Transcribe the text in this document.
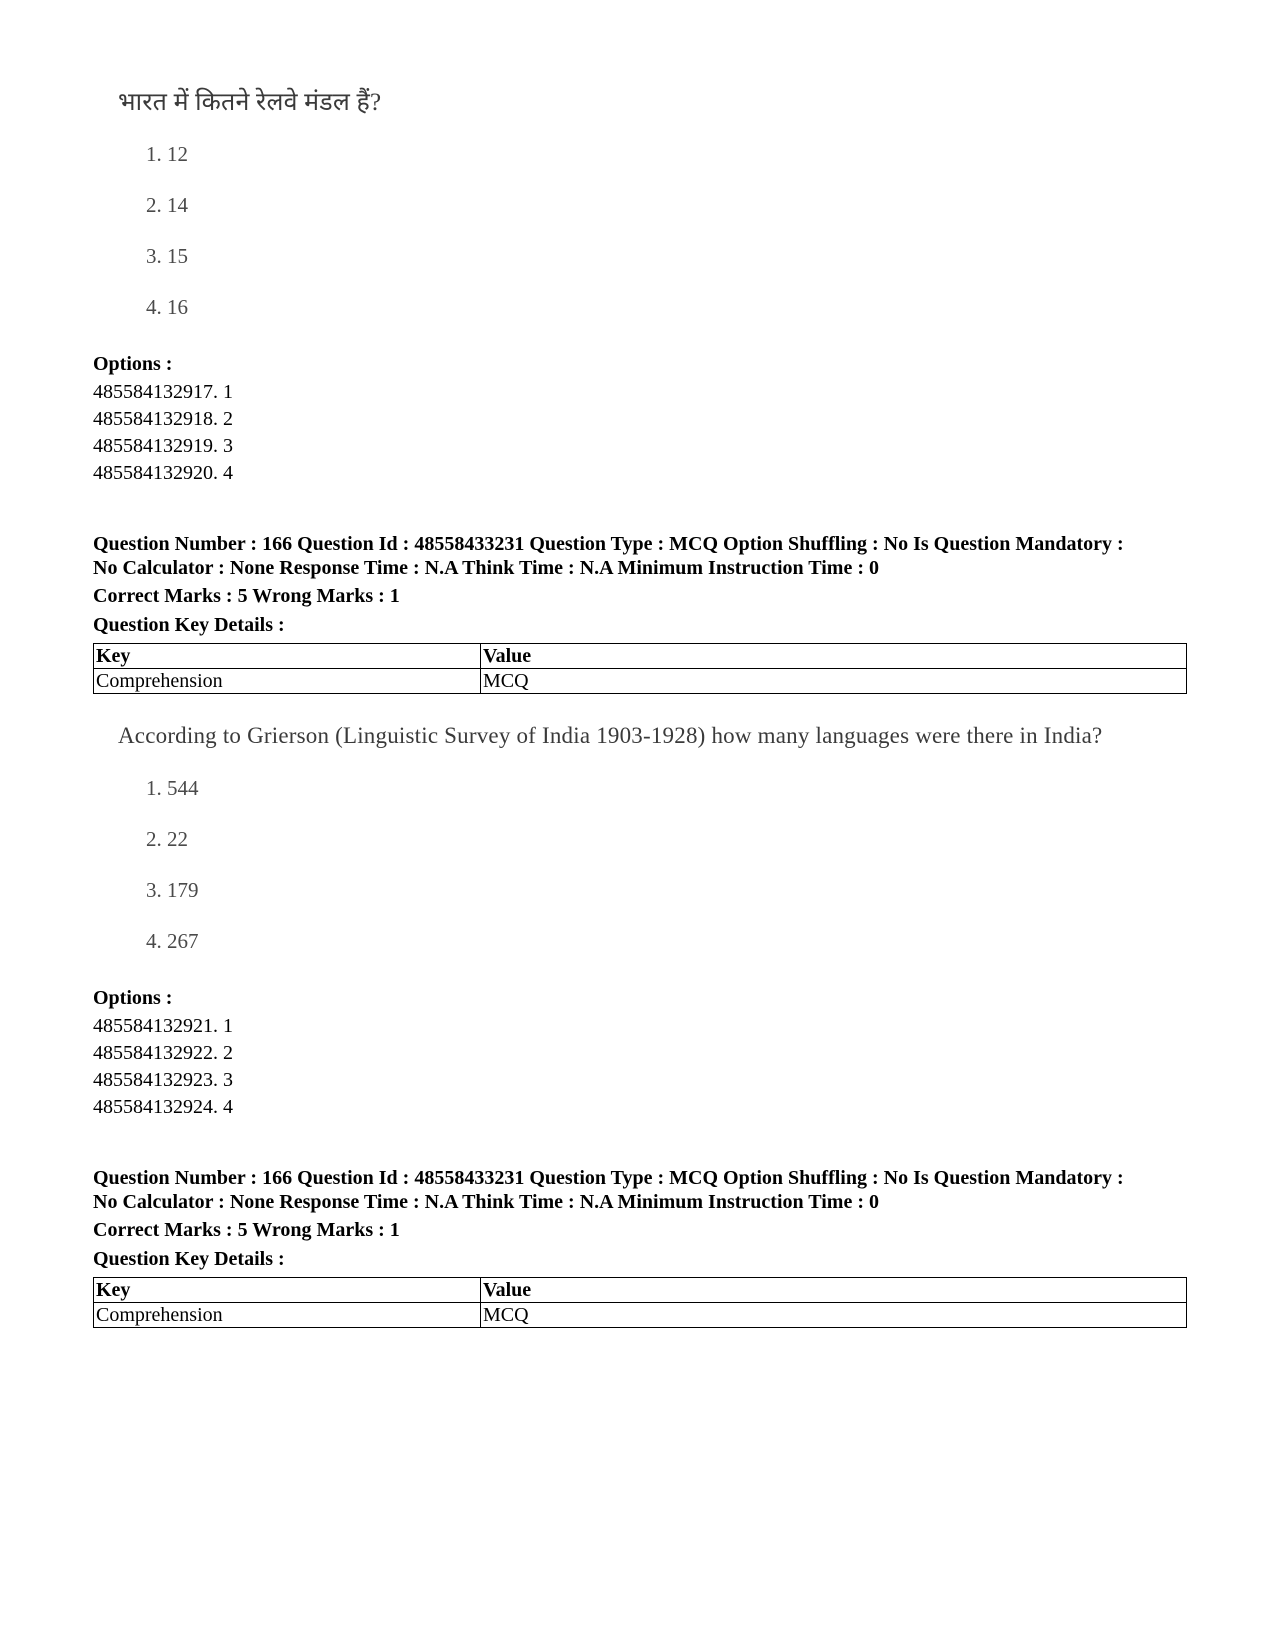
भारत में कितने रेलवे मंडल हैं?
1. 12
2. 14
3. 15
4. 16
Options :
485584132917. 1
485584132918. 2
485584132919. 3
485584132920. 4
Question Number : 166 Question Id : 48558433231 Question Type : MCQ Option Shuffling : No Is Question Mandatory :
No Calculator : None Response Time : N.A Think Time : N.A Minimum Instruction Time : 0
Correct Marks : 5 Wrong Marks : 1
Question Key Details :
Key	Value
Comprehension	MCQ
According to Grierson (Linguistic Survey of India 1903-1928) how many languages were there in India?
1. 544
2. 22
3. 179
4. 267
Options :
485584132921. 1
485584132922. 2
485584132923. 3
485584132924. 4
Question Number : 166 Question Id : 48558433231 Question Type : MCQ Option Shuffling : No Is Question Mandatory :
No Calculator : None Response Time : N.A Think Time : N.A Minimum Instruction Time : 0
Correct Marks : 5 Wrong Marks : 1
Question Key Details :
Key	Value
Comprehension	MCQ
